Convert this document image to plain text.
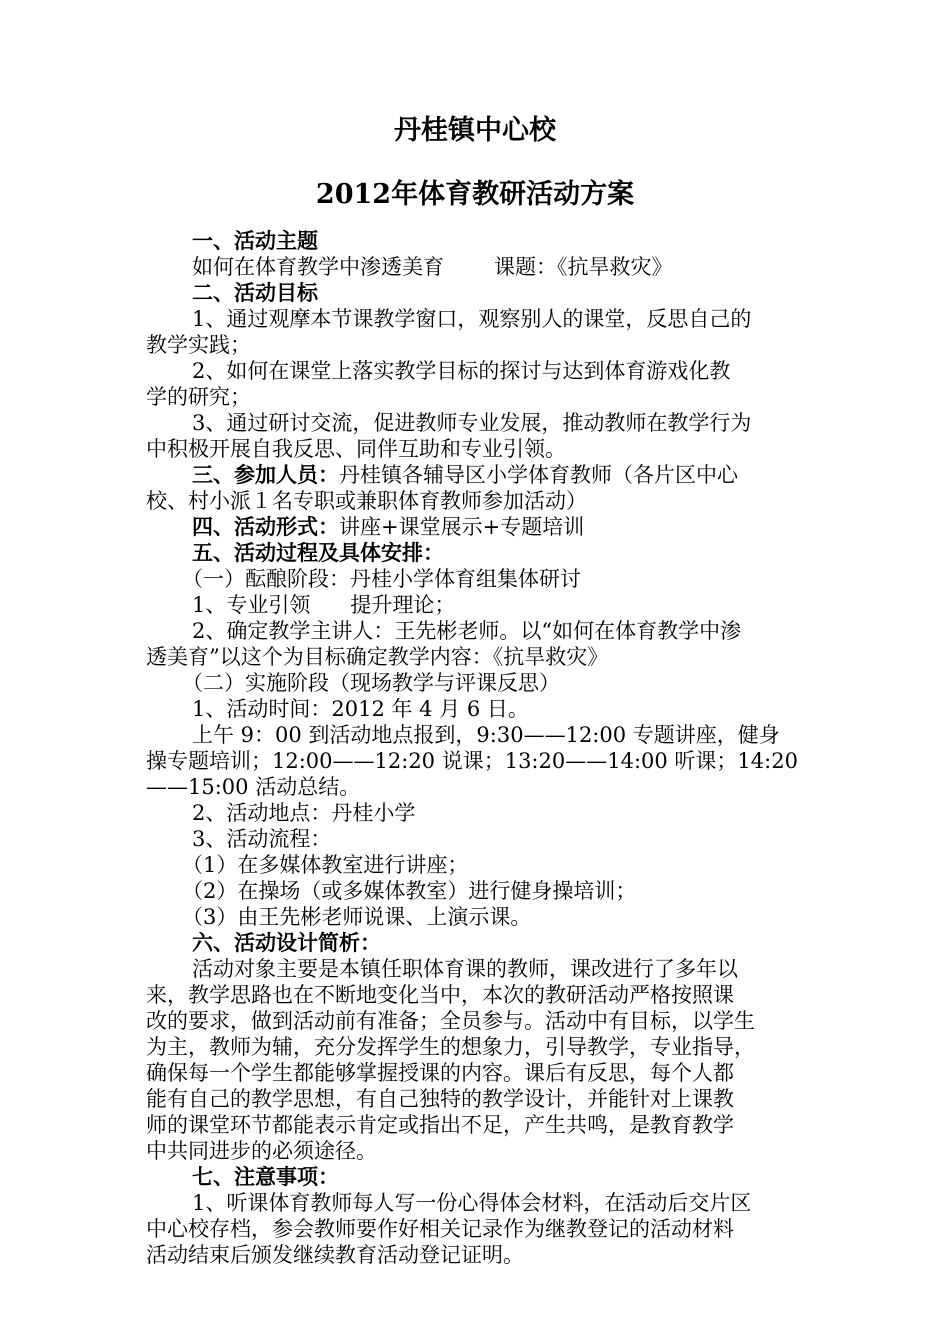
丹桂镇中心校
2012年体育教研活动方案
一、活动主题
如何在体育教学中渗透美育 课题：《抗旱救灾》
二、活动目标
1、通过观摩本节课教学窗口，观察别人的课堂，反思自己的
教学实践；
2、如何在课堂上落实教学目标的探讨与达到体育游戏化教
学的研究；
3、通过研讨交流，促进教师专业发展，推动教师在教学行为
中积极开展自我反思、同伴互助和专业引领。
三、参加人员：丹桂镇各辅导区小学体育教师（各片区中心
校、村小派１名专职或兼职体育教师参加活动）
四、活动形式：讲座+课堂展示+专题培训
五、活动过程及具体安排：
（一）酝酿阶段：丹桂小学体育组集体研讨
1、专业引领 提升理论；
2、确定教学主讲人：王先彬老师。以“如何在体育教学中渗
透美育”以这个为目标确定教学内容：《抗旱救灾》
（二）实施阶段（现场教学与评课反思）
1、活动时间：2012 年 4 月 6 日。
上午 9：00 到活动地点报到，9:30——12:00 专题讲座，健身
操专题培训；12:00——12:20 说课；13:20——14:00 听课；14:20
——15:00 活动总结。
2、活动地点：丹桂小学
3、活动流程：
（1）在多媒体教室进行讲座；
（2）在操场（或多媒体教室）进行健身操培训；
（3）由王先彬老师说课、上演示课。
六、活动设计简析：
活动对象主要是本镇任职体育课的教师，课改进行了多年以
来，教学思路也在不断地变化当中，本次的教研活动严格按照课
改的要求，做到活动前有准备；全员参与。活动中有目标，以学生
为主，教师为辅，充分发挥学生的想象力，引导教学，专业指导，
确保每一个学生都能够掌握授课的内容。课后有反思，每个人都
能有自己的教学思想，有自己独特的教学设计，并能针对上课教
师的课堂环节都能表示肯定或指出不足，产生共鸣，是教育教学
中共同进步的必须途径。
七、注意事项：
1、听课体育教师每人写一份心得体会材料，在活动后交片区
中心校存档，参会教师要作好相关记录作为继教登记的活动材料
活动结束后颁发继续教育活动登记证明。
